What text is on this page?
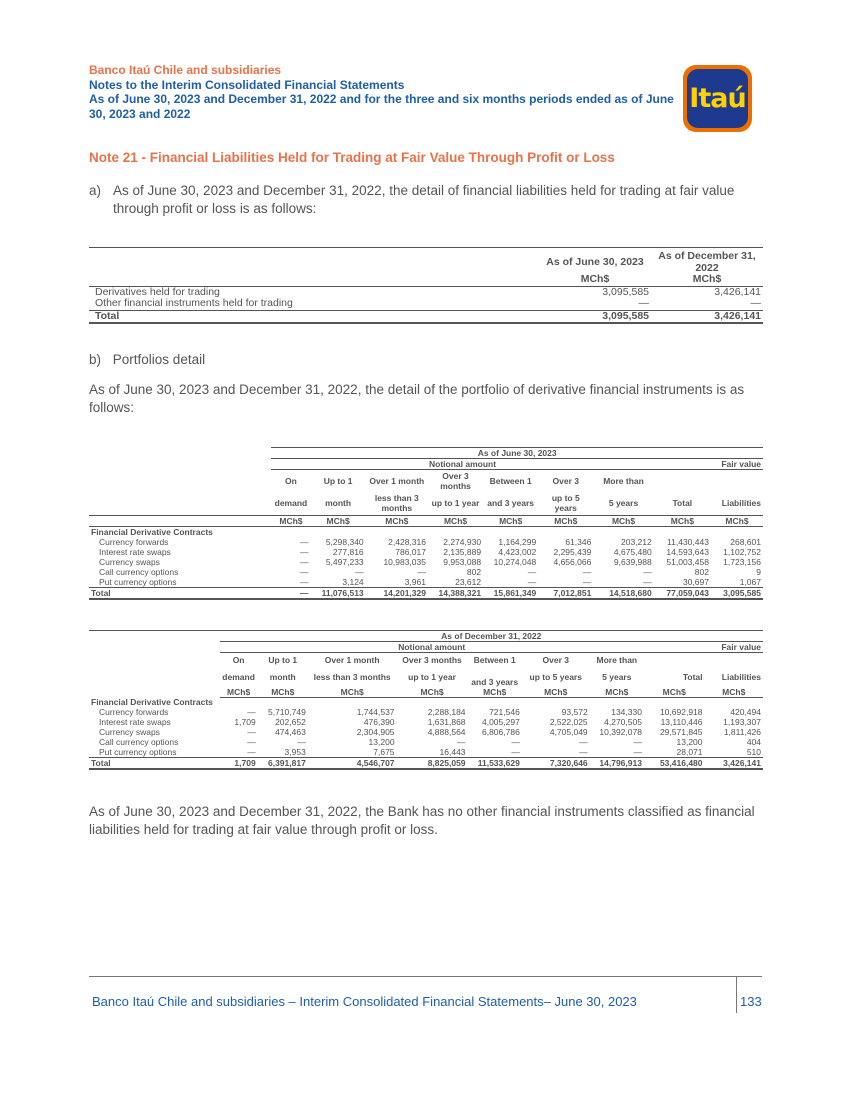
Banco Itaú Chile and subsidiaries
Notes to the Interim Consolidated Financial Statements
As of June 30, 2023 and December 31, 2022 and for the three and six months periods ended as of June 30, 2023 and 2022	Itaú
Note 21 - Financial Liabilities Held for Trading at Fair Value Through Profit or Loss
a) As of June 30, 2023 and December 31, 2022, the detail of financial liabilities held for trading at fair value through profit or loss is as follows:
	As of June 30, 2023	As of December 31, 2022
	MCh$	MCh$
Derivatives held for trading	3,095,585	3,426,141
Other financial instruments held for trading	—	—
Total	3,095,585	3,426,141
b) Portfolios detail
As of June 30, 2023 and December 31, 2022, the detail of the portfolio of derivative financial instruments is as follows:
	As of June 30, 2023								
	Notional amount								Fair value
	On	Up to 1	Over 1 month	Over 3 months	Between 1	Over 3	More than		
	demand	month	less than 3 months	up to 1 year	and 3 years	up to 5 years	5 years	Total	Liabilities
	MCh$	MCh$	MCh$	MCh$	MCh$	MCh$	MCh$	MCh$	MCh$
Financial Derivative Contracts									
Currency forwards	—	5,298,340	2,428,316	2,274,930	1,164,299	61,346	203,212	11,430,443	268,601
Interest rate swaps	—	277,816	786,017	2,135,889	4,423,002	2,295,439	4,675,480	14,593,643	1,102,752
Currency swaps	—	5,497,233	10,983,035	9,953,088	10,274,048	4,656,066	9,639,988	51,003,458	1,723,156
Call currency options	—	—	—	802	—	—	—	802	9
Put currency options	—	3,124	3,961	23,612	—	—	—	30,697	1,067
Total	—	11,076,513	14,201,329	14,388,321	15,861,349	7,012,851	14,518,680	77,059,043	3,095,585
	As of December 31, 2022								
	Notional amount								Fair value
	On	Up to 1	Over 1 month	Over 3 months	Between 1	Over 3	More than		
	demand	month	less than 3 months	up to 1 year	and 3 years	up to 5 years	5 years	Total	Liabilities
	MCh$	MCh$	MCh$	MCh$	MCh$	MCh$	MCh$	MCh$	MCh$
Financial Derivative Contracts									
Currency forwards	—	5,710,749	1,744,537	2,288,184	721,546	93,572	134,330	10,692,918	420,494
Interest rate swaps	1,709	202,652	476,390	1,631,868	4,005,297	2,522,025	4,270,505	13,110,446	1,193,307
Currency swaps	—	474,463	2,304,905	4,888,564	6,806,786	4,705,049	10,392,078	29,571,845	1,811,426
Call currency options	—	—	13,200	—	—	—	—	13,200	404
Put currency options	—	3,953	7,675	16,443	—	—	—	28,071	510
Total	1,709	6,391,817	4,546,707	8,825,059	11,533,629	7,320,646	14,796,913	53,416,480	3,426,141
As of June 30, 2023 and December 31, 2022, the Bank has no other financial instruments classified as financial liabilities held for trading at fair value through profit or loss.
Banco Itaú Chile and subsidiaries – Interim Consolidated Financial Statements– June 30, 2023	133
